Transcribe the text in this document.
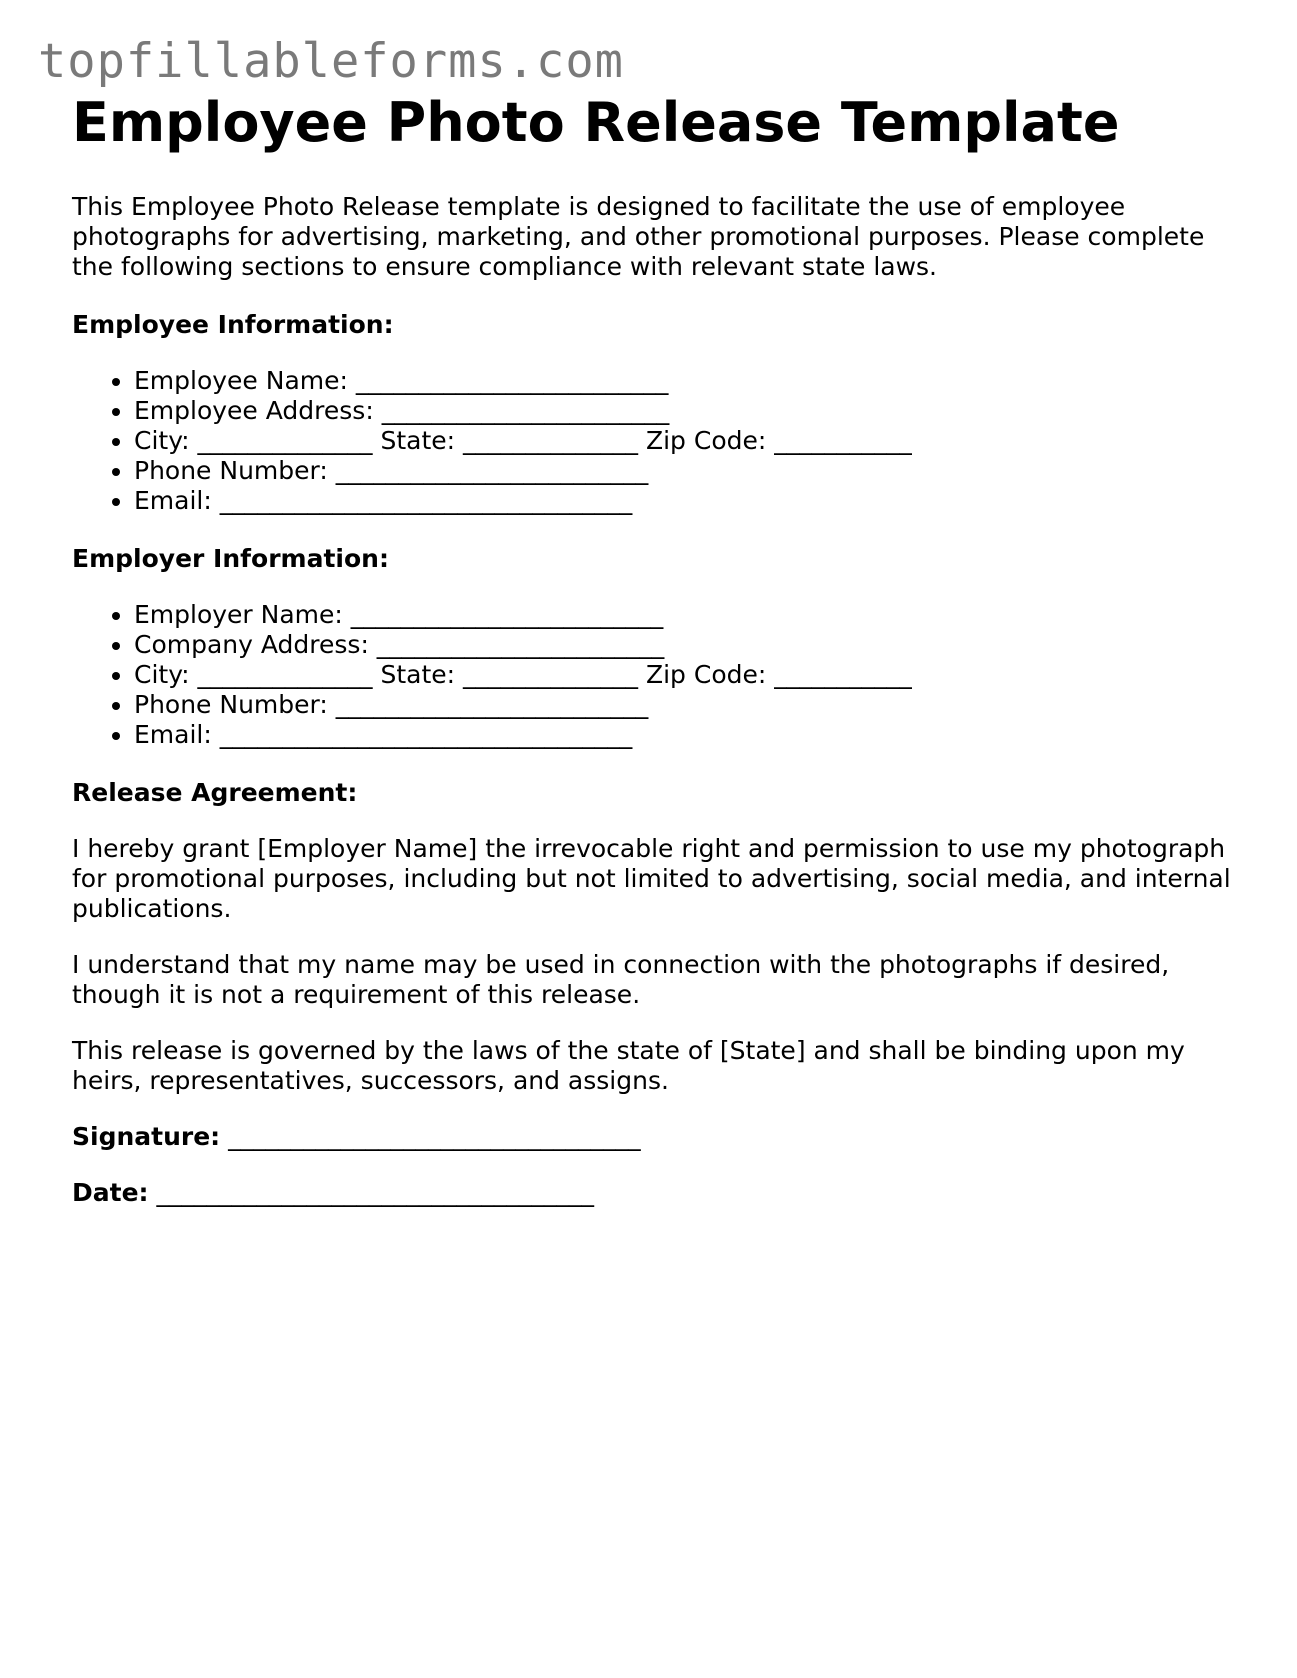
topfillableforms.com
Employee Photo Release Template

This Employee Photo Release template is designed to facilitate the use of employee photographs for advertising, marketing, and other promotional purposes. Please complete the following sections to ensure compliance with relevant state laws.

Employee Information:
• Employee Name: _________________________
• Employee Address: _______________________
• City: ______________ State: ______________ Zip Code: ___________
• Phone Number: _________________________
• Email: _________________________________
Employer Information:
• Employer Name: _________________________
• Company Address: _______________________
• City: ______________ State: ______________ Zip Code: ___________
• Phone Number: _________________________
• Email: _________________________________
Release Agreement:

I hereby grant [Employer Name] the irrevocable right and permission to use my photograph for promotional purposes, including but not limited to advertising, social media, and internal publications.

I understand that my name may be used in connection with the photographs if desired, though it is not a requirement of this release.

This release is governed by the laws of the state of [State] and shall be binding upon my heirs, representatives, successors, and assigns.

Signature: _________________________________
Date: ___________________________________
